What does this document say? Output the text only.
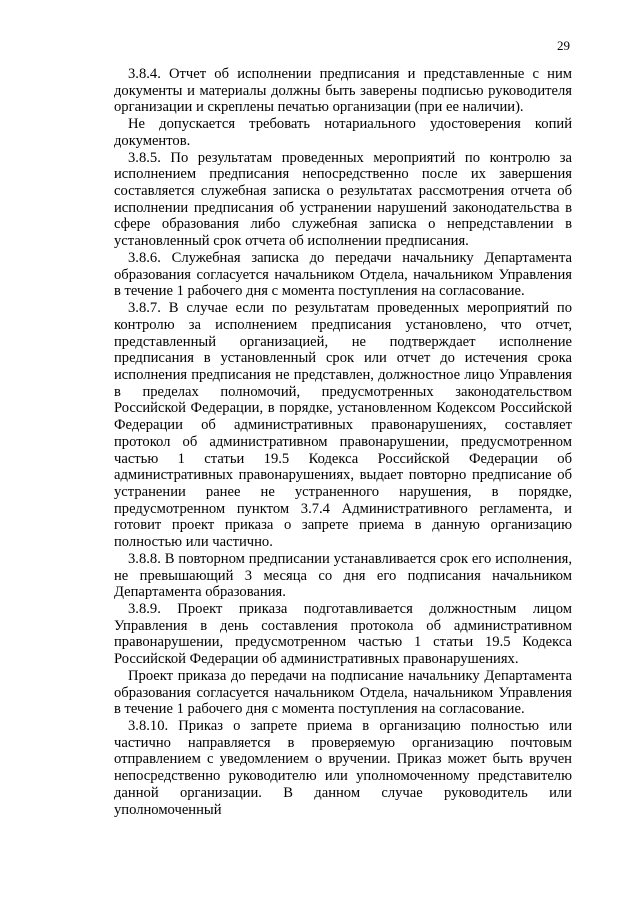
29

3.8.4. Отчет об исполнении предписания и представленные с ним документы и материалы должны быть заверены подписью руководителя организации и скреплены печатью организации (при ее наличии).

Не допускается требовать нотариального удостоверения копий документов.

3.8.5. По результатам проведенных мероприятий по контролю за исполнением предписания непосредственно после их завершения составляется служебная записка о результатах рассмотрения отчета об исполнении предписания об устранении нарушений законодательства в сфере образования либо служебная записка о непредставлении в установленный срок отчета об исполнении предписания.

3.8.6. Служебная записка до передачи начальнику Департамента образования согласуется начальником Отдела, начальником Управления в течение 1 рабочего дня с момента поступления на согласование.

3.8.7. В случае если по результатам проведенных мероприятий по контролю за исполнением предписания установлено, что отчет, представленный организацией, не подтверждает исполнение предписания в установленный срок или отчет до истечения срока исполнения предписания не представлен, должностное лицо Управления в пределах полномочий, предусмотренных законодательством Российской Федерации, в порядке, установленном Кодексом Российской Федерации об административных правонарушениях, составляет протокол об административном правонарушении, предусмотренном частью 1 статьи 19.5 Кодекса Российской Федерации об административных правонарушениях, выдает повторно предписание об устранении ранее не устраненного нарушения, в порядке, предусмотренном пунктом 3.7.4 Административного регламента, и готовит проект приказа о запрете приема в данную организацию полностью или частично.

3.8.8. В повторном предписании устанавливается срок его исполнения, не превышающий 3 месяца со дня его подписания начальником Департамента образования.

3.8.9. Проект приказа подготавливается должностным лицом Управления в день составления протокола об административном правонарушении, предусмотренном частью 1 статьи 19.5 Кодекса Российской Федерации об административных правонарушениях.

Проект приказа до передачи на подписание начальнику Департамента образования согласуется начальником Отдела, начальником Управления в течение 1 рабочего дня с момента поступления на согласование.

3.8.10. Приказ о запрете приема в организацию полностью или частично направляется в проверяемую организацию почтовым отправлением с уведомлением о вручении. Приказ может быть вручен непосредственно руководителю или уполномоченному представителю данной организации. В данном случае руководитель или уполномоченный
